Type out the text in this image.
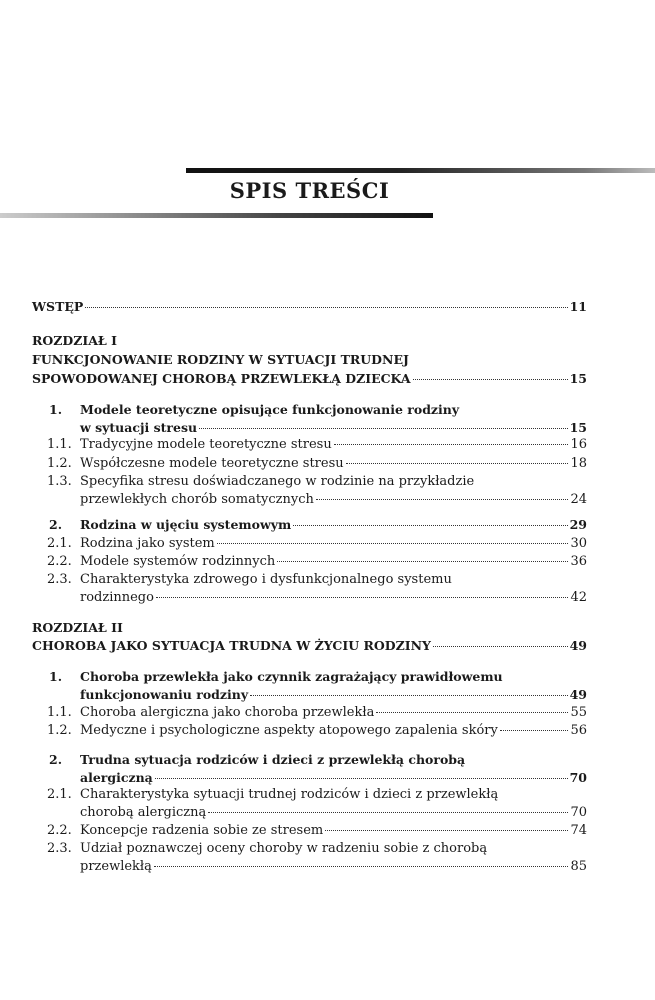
SPIS TREŚCI
WSTĘP	11
ROZDZIAŁ I
FUNKCJONOWANIE RODZINY W SYTUACJI TRUDNEJ
SPOWODOWANEJ CHOROBĄ PRZEWLEKŁĄ DZIECKA	15
1. Modele teoretyczne opisujące funkcjonowanie rodziny
w sytuacji stresu	15
1.1. Tradycyjne modele teoretyczne stresu	16
1.2. Współczesne modele teoretyczne stresu	18
1.3. Specyfika stresu doświadczanego w rodzinie na przykładzie
przewlekłych chorób somatycznych	24
2. Rodzina w ujęciu systemowym	29
2.1. Rodzina jako system	30
2.2. Modele systemów rodzinnych	36
2.3. Charakterystyka zdrowego i dysfunkcjonalnego systemu
rodzinnego	42
ROZDZIAŁ II
CHOROBA JAKO SYTUACJA TRUDNA W ŻYCIU RODZINY	49
1. Choroba przewlekła jako czynnik zagrażający prawidłowemu
funkcjonowaniu rodziny	49
1.1. Choroba alergiczna jako choroba przewlekła	55
1.2. Medyczne i psychologiczne aspekty atopowego zapalenia skóry	56
2. Trudna sytuacja rodziców i dzieci z przewlekłą chorobą
alergiczną	70
2.1. Charakterystyka sytuacji trudnej rodziców i dzieci z przewlekłą
chorobą alergiczną	70
2.2. Koncepcje radzenia sobie ze stresem	74
2.3. Udział poznawczej oceny choroby w radzeniu sobie z chorobą
przewlekłą	85
